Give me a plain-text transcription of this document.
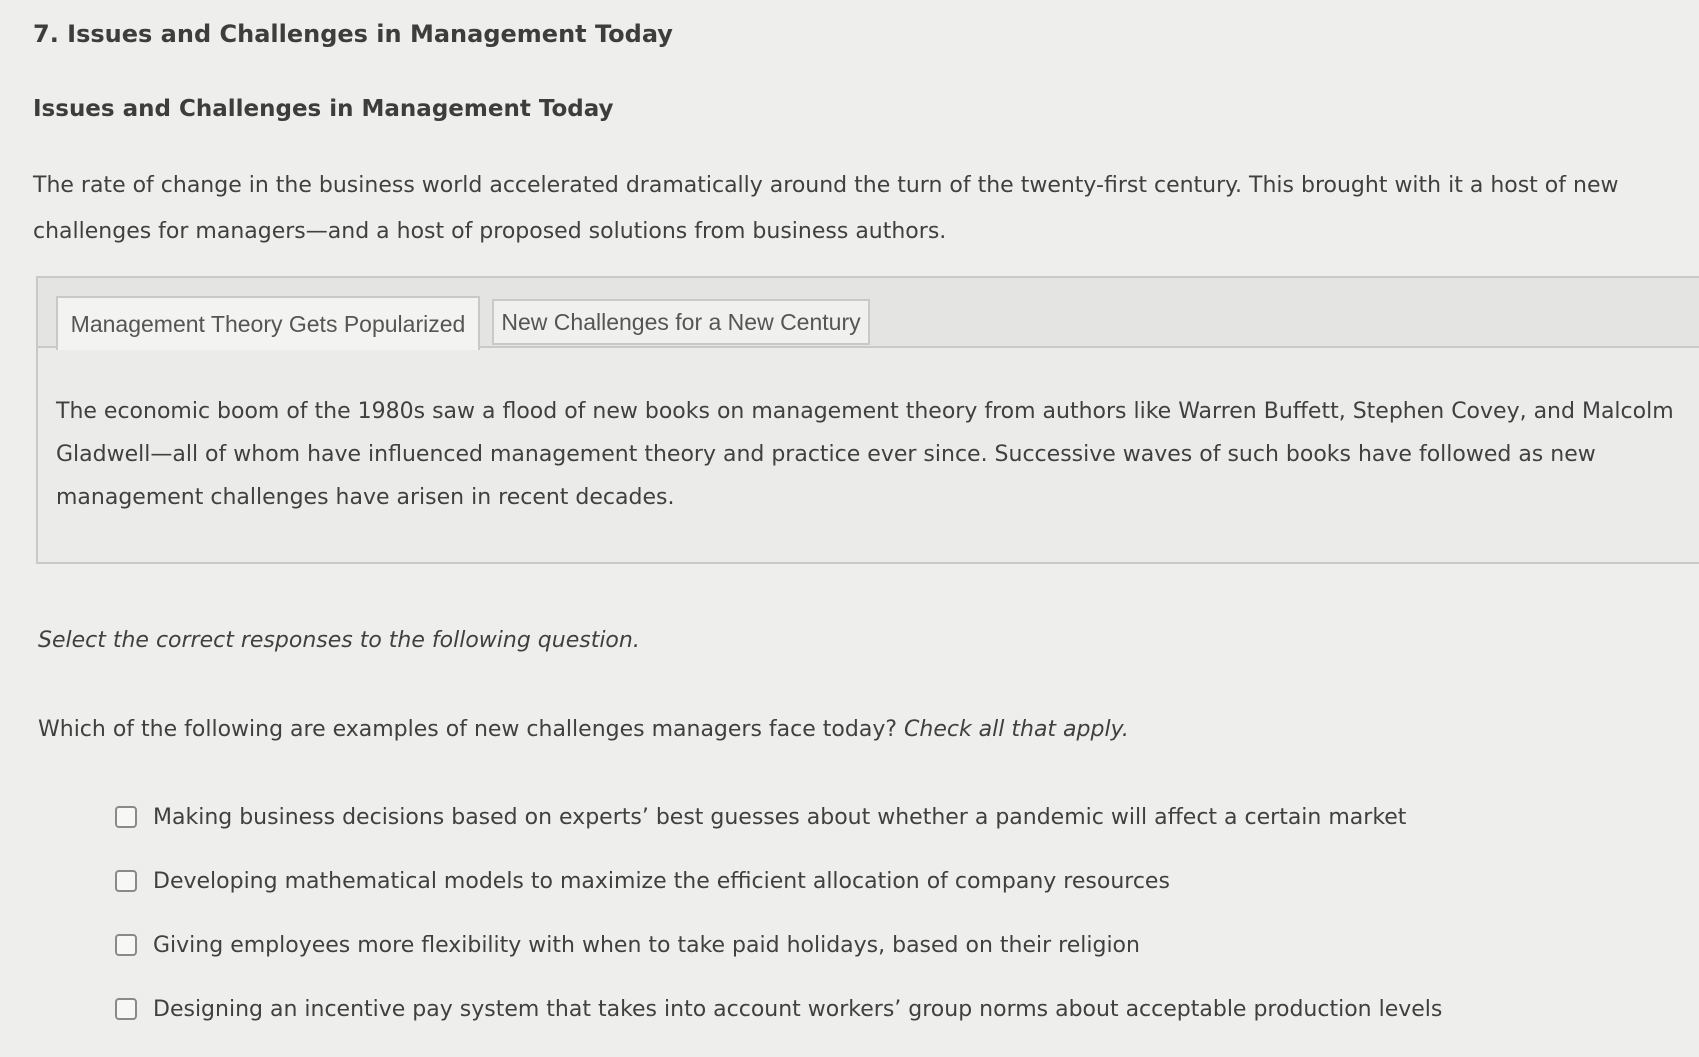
7. Issues and Challenges in Management Today
Issues and Challenges in Management Today

The rate of change in the business world accelerated dramatically around the turn of the twenty-first century. This brought with it a host of new challenges for managers—and a host of proposed solutions from business authors.

Management Theory Gets Popularized	New Challenges for a New Century

The economic boom of the 1980s saw a flood of new books on management theory from authors like Warren Buffett, Stephen Covey, and Malcolm Gladwell—all of whom have influenced management theory and practice ever since. Successive waves of such books have followed as new management challenges have arisen in recent decades.

Select the correct responses to the following question.

Which of the following are examples of new challenges managers face today? Check all that apply.

Making business decisions based on experts’ best guesses about whether a pandemic will affect a certain market
Developing mathematical models to maximize the efficient allocation of company resources
Giving employees more flexibility with when to take paid holidays, based on their religion
Designing an incentive pay system that takes into account workers’ group norms about acceptable production levels
